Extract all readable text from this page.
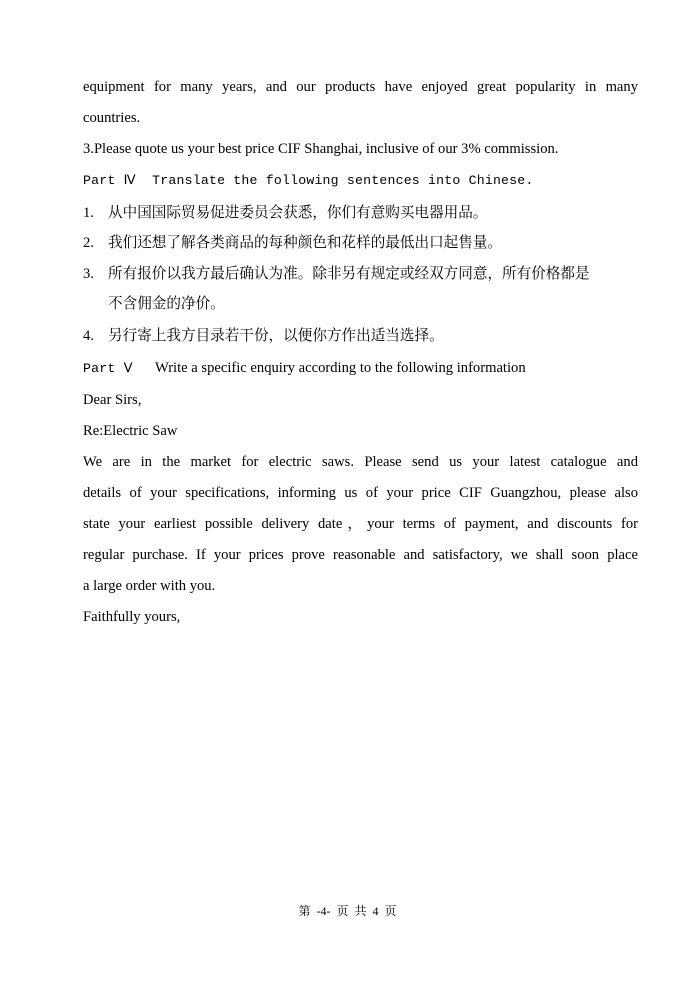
equipment for many years, and our products have enjoyed great popularity in many
countries.
3.Please quote us your best price CIF Shanghai, inclusive of our 3% commission.
Part Ⅳ  Translate the following sentences into Chinese.
1. 从中国国际贸易促进委员会获悉，你们有意购买电器用品。
2. 我们还想了解各类商品的每种颜色和花样的最低出口起售量。
3. 所有报价以我方最后确认为准。除非另有规定或经双方同意，所有价格都是
不含佣金的净价。
4. 另行寄上我方目录若干份，以便你方作出适当选择。
Part Ⅴ Write a specific enquiry according to the following information
Dear Sirs,
Re:Electric Saw
We are in the market for electric saws. Please send us your latest catalogue and
details of your specifications, informing us of your price CIF Guangzhou, please also
state your earliest possible delivery date，your terms of payment, and discounts for
regular purchase. If your prices prove reasonable and satisfactory, we shall soon place
a large order with you.
Faithfully yours,
第 -4- 页 共 4 页
